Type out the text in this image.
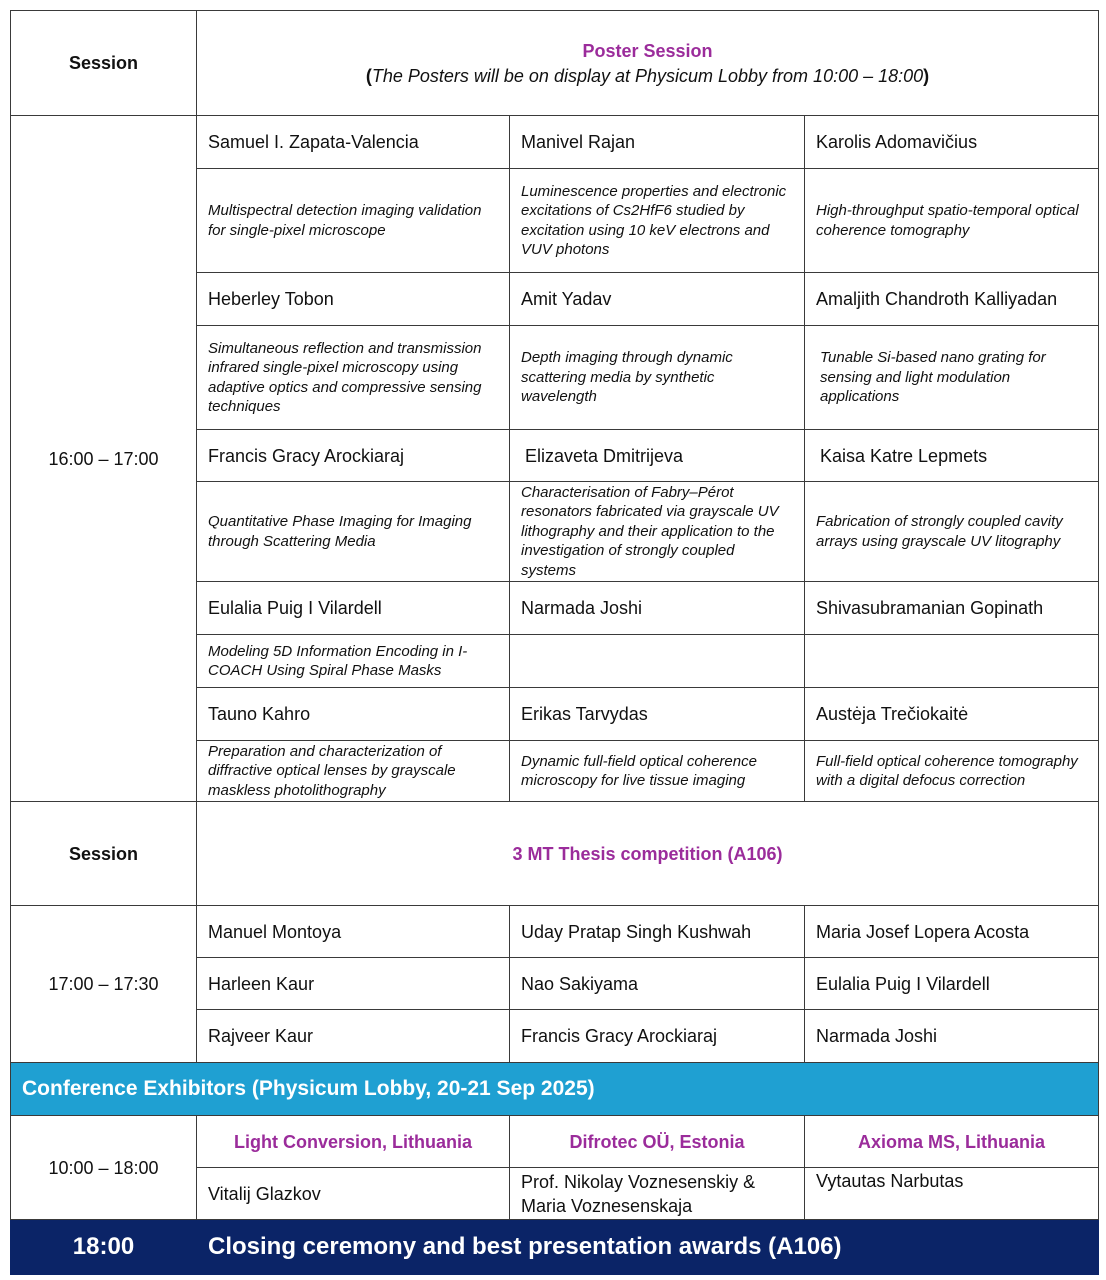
Session	Poster Session
(The Posters will be on display at Physicum Lobby from 10:00 – 18:00)		

16:00 – 17:00	Samuel I. Zapata-Valencia	Manivel Rajan	Karolis Adomavičius
	Multispectral detection imaging validation for single-pixel microscope	Luminescence properties and electronic excitations of Cs2HfF6 studied by excitation using 10 keV electrons and VUV photons	High-throughput spatio-temporal optical coherence tomography
	Heberley Tobon	Amit Yadav	Amaljith Chandroth Kalliyadan
	Simultaneous reflection and transmission infrared single-pixel microscopy using adaptive optics and compressive sensing techniques	Depth imaging through dynamic scattering media by synthetic wavelength	Tunable Si-based nano grating for sensing and light modulation applications
	Francis Gracy Arockiaraj	Elizaveta Dmitrijeva	Kaisa Katre Lepmets
	Quantitative Phase Imaging for Imaging through Scattering Media	Characterisation of Fabry–Pérot resonators fabricated via grayscale UV lithography and their application to the investigation of strongly coupled systems	Fabrication of strongly coupled cavity arrays using grayscale UV litography
	Eulalia Puig I Vilardell	Narmada Joshi	Shivasubramanian Gopinath
	Modeling 5D Information Encoding in I-COACH Using Spiral Phase Masks		
	Tauno Kahro	Erikas Tarvydas	Austėja Trečiokaitė
	Preparation and characterization of diffractive optical lenses by grayscale maskless photolithography	Dynamic full-field optical coherence microscopy for live tissue imaging	Full-field optical coherence tomography with a digital defocus correction
Session	3 MT Thesis competition (A106)		
17:00 – 17:30	Manuel Montoya	Uday Pratap Singh Kushwah	Maria Josef Lopera Acosta
	Harleen Kaur	Nao Sakiyama	Eulalia Puig I Vilardell
	Rajveer Kaur	Francis Gracy Arockiaraj	Narmada Joshi
Conference Exhibitors (Physicum Lobby, 20-21 Sep 2025)			
10:00 – 18:00	Light Conversion, Lithuania	Difrotec OÜ, Estonia	Axioma MS, Lithuania
	Vitalij Glazkov	Prof. Nikolay Voznesenskiy & Maria Voznesenskaja	Vytautas Narbutas
18:00	Closing ceremony and best presentation awards (A106)		
